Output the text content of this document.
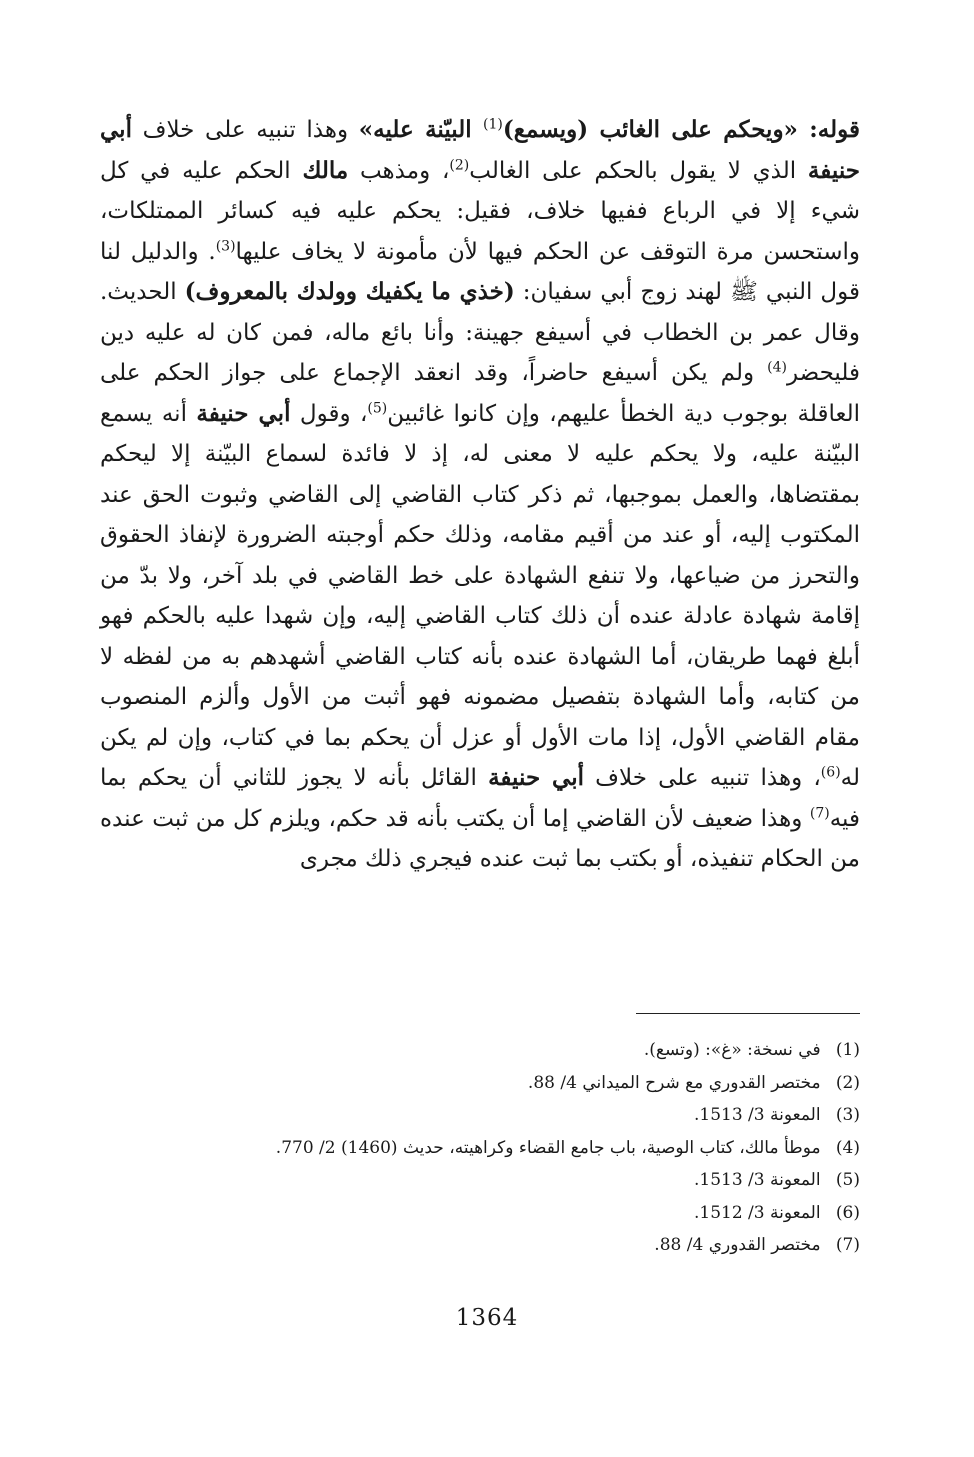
قوله: «ويحكم على الغائب (ويسمع)$^{(1)}$ البيّنة عليه» وهذا تنبيه على خلاف أبي حنيفة الذي لا يقول بالحكم على الغالب$^{(2)}$، ومذهب مالك الحكم عليه في كل شيء إلا في الرباع ففيها خلاف، فقيل: يحكم عليه فيه كسائر الممتلكات، واستحسن مرة التوقف عن الحكم فيها لأن مأمونة لا يخاف عليها$^{(3)}$. والدليل لنا قول النبي ﷺ لهند زوج أبي سفيان: (خذي ما يكفيك وولدك بالمعروف) الحديث. وقال عمر بن الخطاب في أسيفع جهينة: وأنا بائع ماله، فمن كان له عليه دين فليحضر$^{(4)}$ ولم يكن أسيفع حاضراً، وقد انعقد الإجماع على جواز الحكم على العاقلة بوجوب دية الخطأ عليهم، وإن كانوا غائبين$^{(5)}$، وقول أبي حنيفة أنه يسمع البيّنة عليه، ولا يحكم عليه لا معنى له، إذ لا فائدة لسماع البيّنة إلا ليحكم بمقتضاها، والعمل بموجبها، ثم ذكر كتاب القاضي إلى القاضي وثبوت الحق عند المكتوب إليه، أو عند من أقيم مقامه، وذلك حكم أوجبته الضرورة لإنفاذ الحقوق والتحرز من ضياعها، ولا تنفع الشهادة على خط القاضي في بلد آخر، ولا بدّ من إقامة شهادة عادلة عنده أن ذلك كتاب القاضي إليه، وإن شهدا عليه بالحكم فهو أبلغ فهما طريقان، أما الشهادة عنده بأنه كتاب القاضي أشهدهم به من لفظه لا من كتابه، وأما الشهادة بتفصيل مضمونه فهو أثبت من الأول وألزم المنصوب مقام القاضي الأول، إذا مات الأول أو عزل أن يحكم بما في كتاب، وإن لم يكن له$^{(6)}$، وهذا تنبيه على خلاف أبي حنيفة القائل بأنه لا يجوز للثاني أن يحكم بما فيه$^{(7)}$ وهذا ضعيف لأن القاضي إما أن يكتب بأنه قد حكم، ويلزم كل من ثبت عنده من الحكام تنفيذه، أو بكتب بما ثبت عنده فيجري ذلك مجرى

(1) في نسخة: «غ»: (وتسع).
(2) مختصر القدوري مع شرح الميداني 4/ 88.
(3) المعونة 3/ 1513.
(4) موطأ مالك، كتاب الوصية، باب جامع القضاء وكراهيته، حديث (1460) 2/ 770.
(5) المعونة 3/ 1513.
(6) المعونة 3/ 1512.
(7) مختصر القدوري 4/ 88.
1364
